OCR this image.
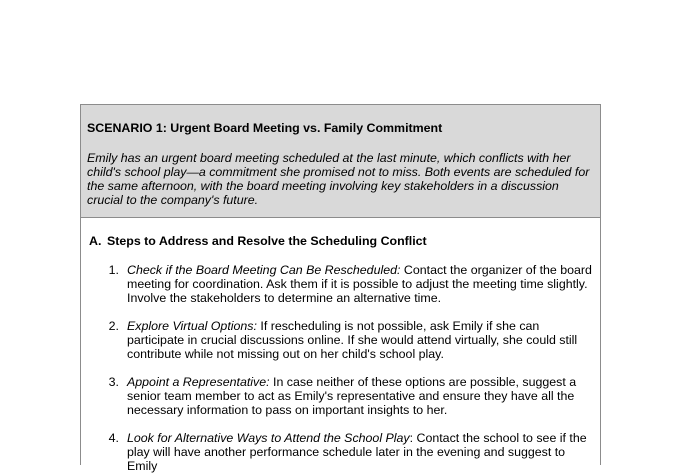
SCENARIO 1: Urgent Board Meeting vs. Family Commitment

Emily has an urgent board meeting scheduled at the last minute, which conflicts with her child's school play—a commitment she promised not to miss. Both events are scheduled for the same afternoon, with the board meeting involving key stakeholders in a discussion crucial to the company's future.

A. Steps to Address and Resolve the Scheduling Conflict
1. Check if the Board Meeting Can Be Rescheduled: Contact the organizer of the board meeting for coordination. Ask them if it is possible to adjust the meeting time slightly. Involve the stakeholders to determine an alternative time.
2. Explore Virtual Options: If rescheduling is not possible, ask Emily if she can participate in crucial discussions online. If she would attend virtually, she could still contribute while not missing out on her child's school play.
3. Appoint a Representative: In case neither of these options are possible, suggest a senior team member to act as Emily's representative and ensure they have all the necessary information to pass on important insights to her.
4. Look for Alternative Ways to Attend the School Play: Contact the school to see if the play will have another performance schedule later in the evening and suggest to Emily
